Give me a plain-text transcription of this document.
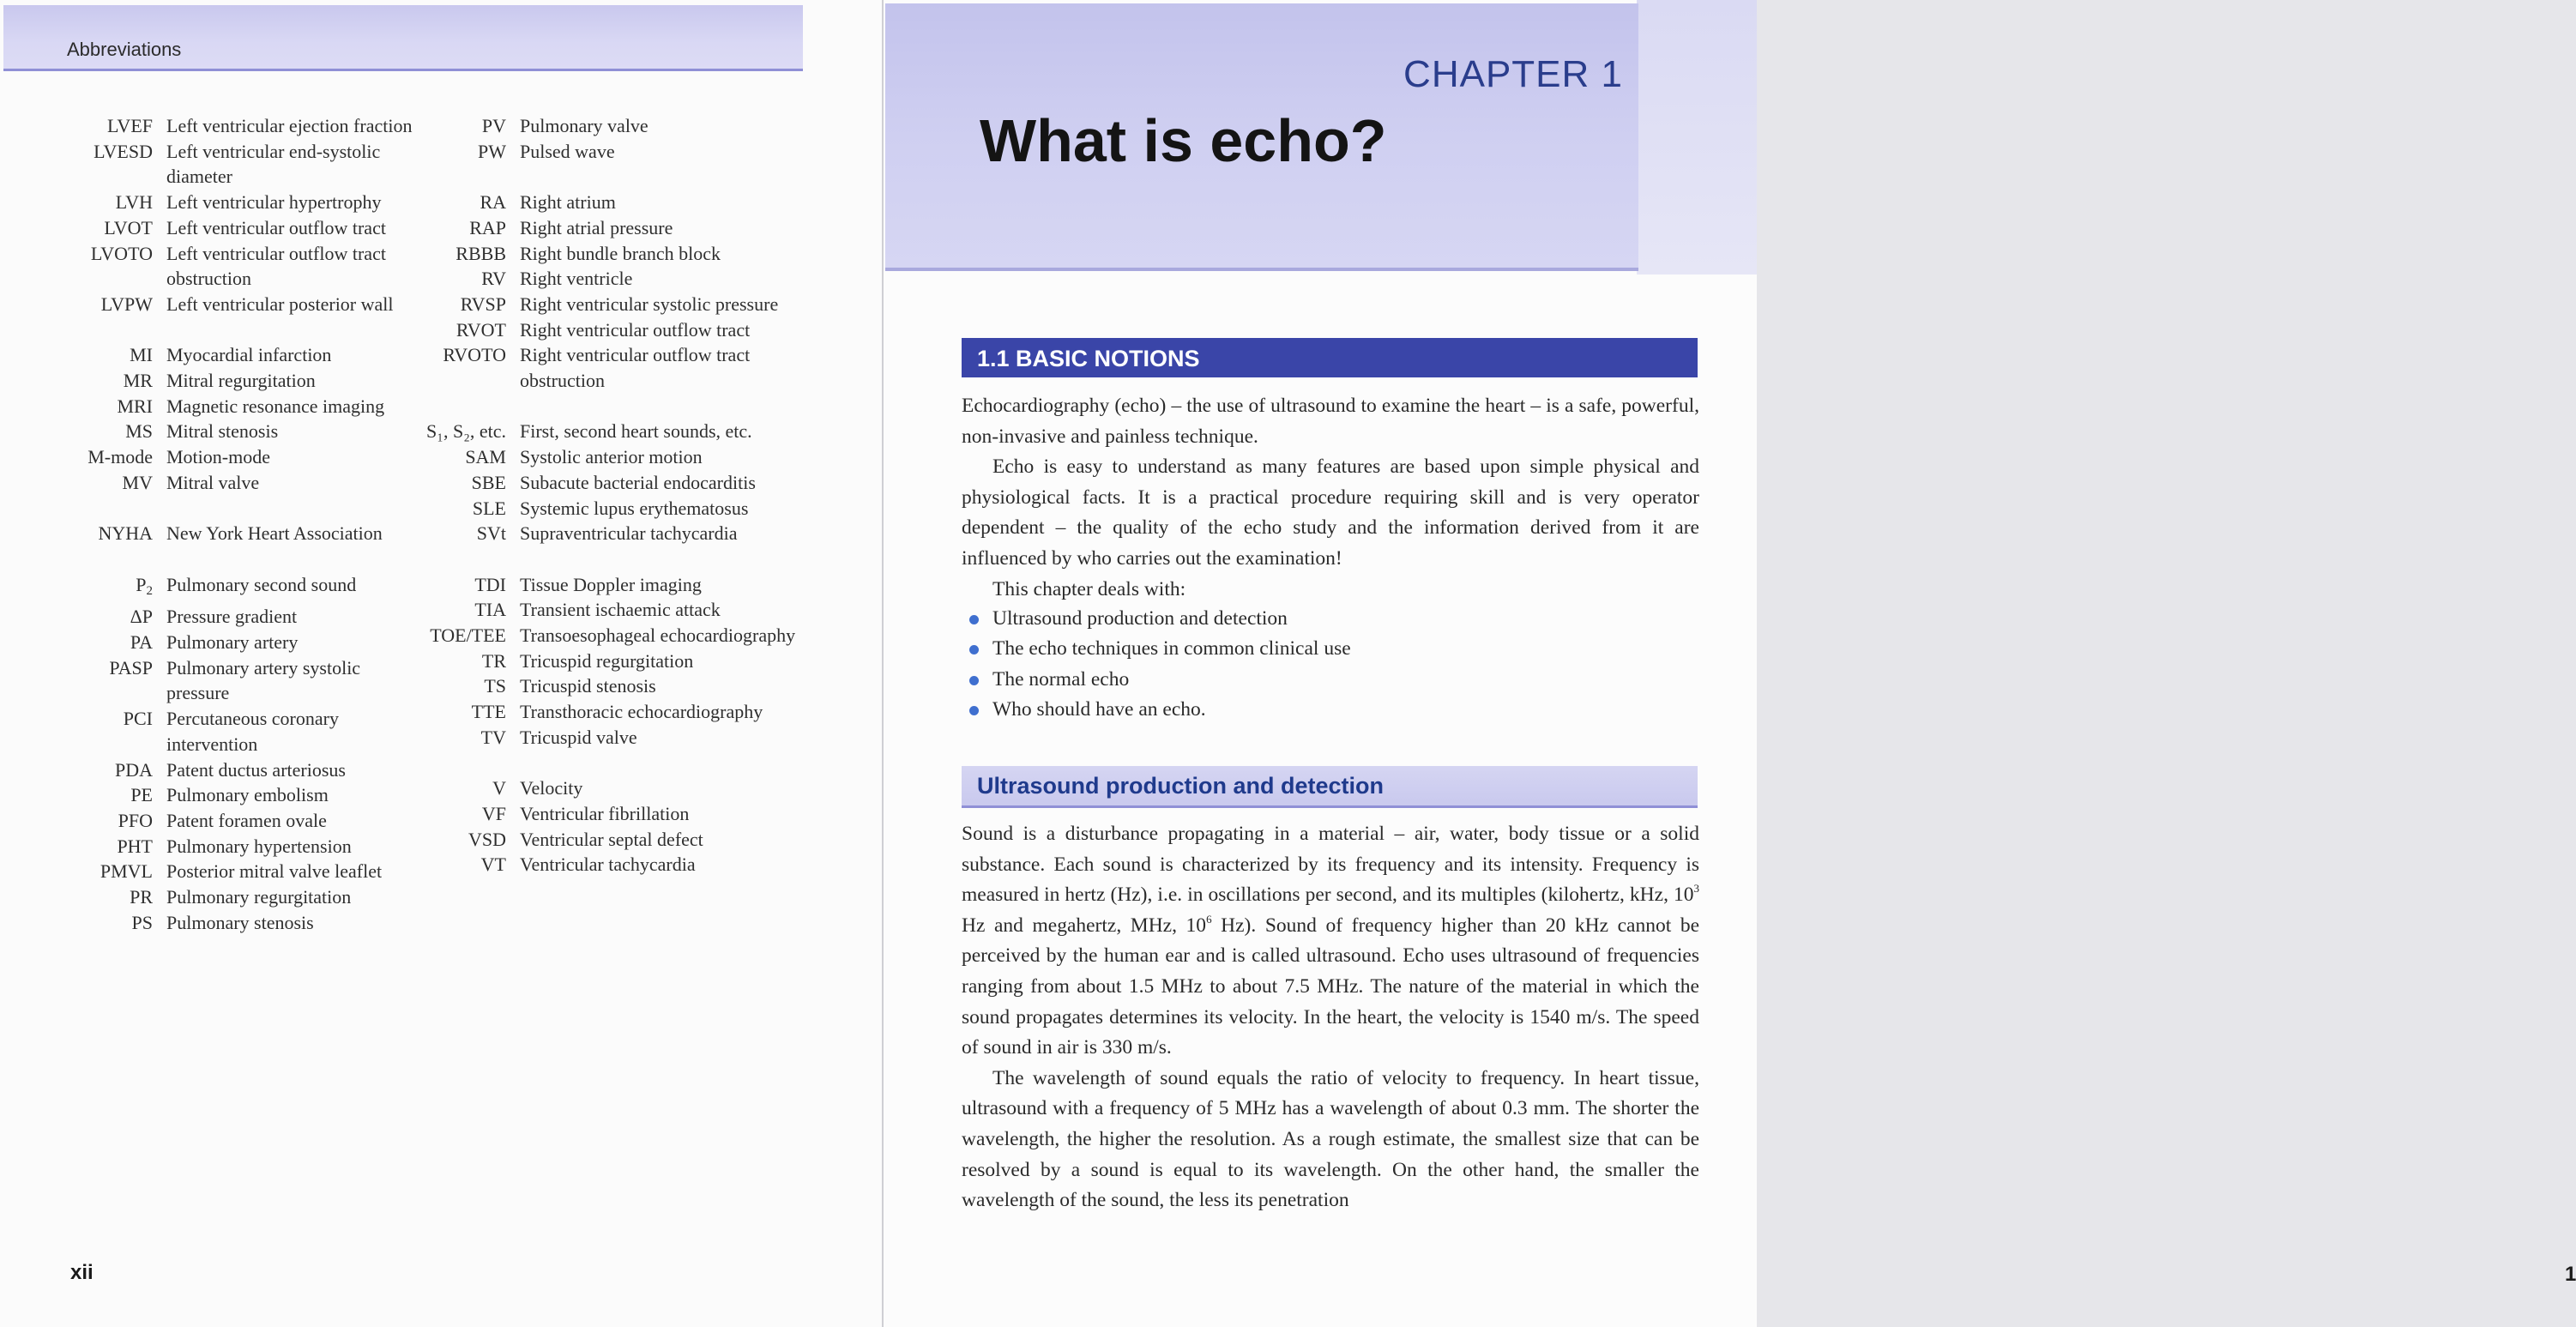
Abbreviations
LVEF Left ventricular ejection fraction
LVESD Left ventricular end-systolic diameter
LVH Left ventricular hypertrophy
LVOT Left ventricular outflow tract
LVOTO Left ventricular outflow tract obstruction
LVPW Left ventricular posterior wall
MI Myocardial infarction
MR Mitral regurgitation
MRI Magnetic resonance imaging
MS Mitral stenosis
M-mode Motion-mode
MV Mitral valve
NYHA New York Heart Association
$P_2$ Pulmonary second sound
ΔP Pressure gradient
PA Pulmonary artery
PASP Pulmonary artery systolic pressure
PCI Percutaneous coronary intervention
PDA Patent ductus arteriosus
PE Pulmonary embolism
PFO Patent foramen ovale
PHT Pulmonary hypertension
PMVL Posterior mitral valve leaflet
PR Pulmonary regurgitation
PS Pulmonary stenosis
PV Pulmonary valve
PW Pulsed wave
RA Right atrium
RAP Right atrial pressure
RBBB Right bundle branch block
RV Right ventricle
RVSP Right ventricular systolic pressure
RVOT Right ventricular outflow tract
RVOTO Right ventricular outflow tract obstruction
S₁, S₂, etc. First, second heart sounds, etc.
SAM Systolic anterior motion
SBE Subacute bacterial endocarditis
SLE Systemic lupus erythematosus
SVt Supraventricular tachycardia
TDI Tissue Doppler imaging
TIA Transient ischaemic attack
TOE/TEE Transoesophageal echocardiography
TR Tricuspid regurgitation
TS Tricuspid stenosis
TTE Transthoracic echocardiography
TV Tricuspid valve
V Velocity
VF Ventricular fibrillation
VSD Ventricular septal defect
VT Ventricular tachycardia
xii
CHAPTER 1
What is echo?
1.1 BASIC NOTIONS

Echocardiography (echo) – the use of ultrasound to examine the heart – is a safe, powerful, non-invasive and painless technique.

Echo is easy to understand as many features are based upon simple physical and physiological facts. It is a practical procedure requiring skill and is very operator dependent – the quality of the echo study and the information derived from it are influenced by who carries out the examination!

This chapter deals with:

Ultrasound production and detection
The echo techniques in common clinical use
The normal echo
Who should have an echo.
Ultrasound production and detection

Sound is a disturbance propagating in a material – air, water, body tissue or a solid substance. Each sound is characterized by its frequency and its intensity. Frequency is measured in hertz (Hz), i.e. in oscillations per second, and its multiples (kilohertz, kHz, $10^3$ Hz and megahertz, MHz, $10^6$ Hz). Sound of frequency higher than 20 kHz cannot be perceived by the human ear and is called ultrasound. Echo uses ultrasound of frequencies ranging from about 1.5 MHz to about 7.5 MHz. The nature of the material in which the sound propagates determines its velocity. In the heart, the velocity is 1540 m/s. The speed of sound in air is 330 m/s.

The wavelength of sound equals the ratio of velocity to frequency. In heart tissue, ultrasound with a frequency of 5 MHz has a wavelength of about 0.3 mm. The shorter the wavelength, the higher the resolution. As a rough estimate, the smallest size that can be resolved by a sound is equal to its wavelength. On the other hand, the smaller the wavelength of the sound, the less its penetration

1
